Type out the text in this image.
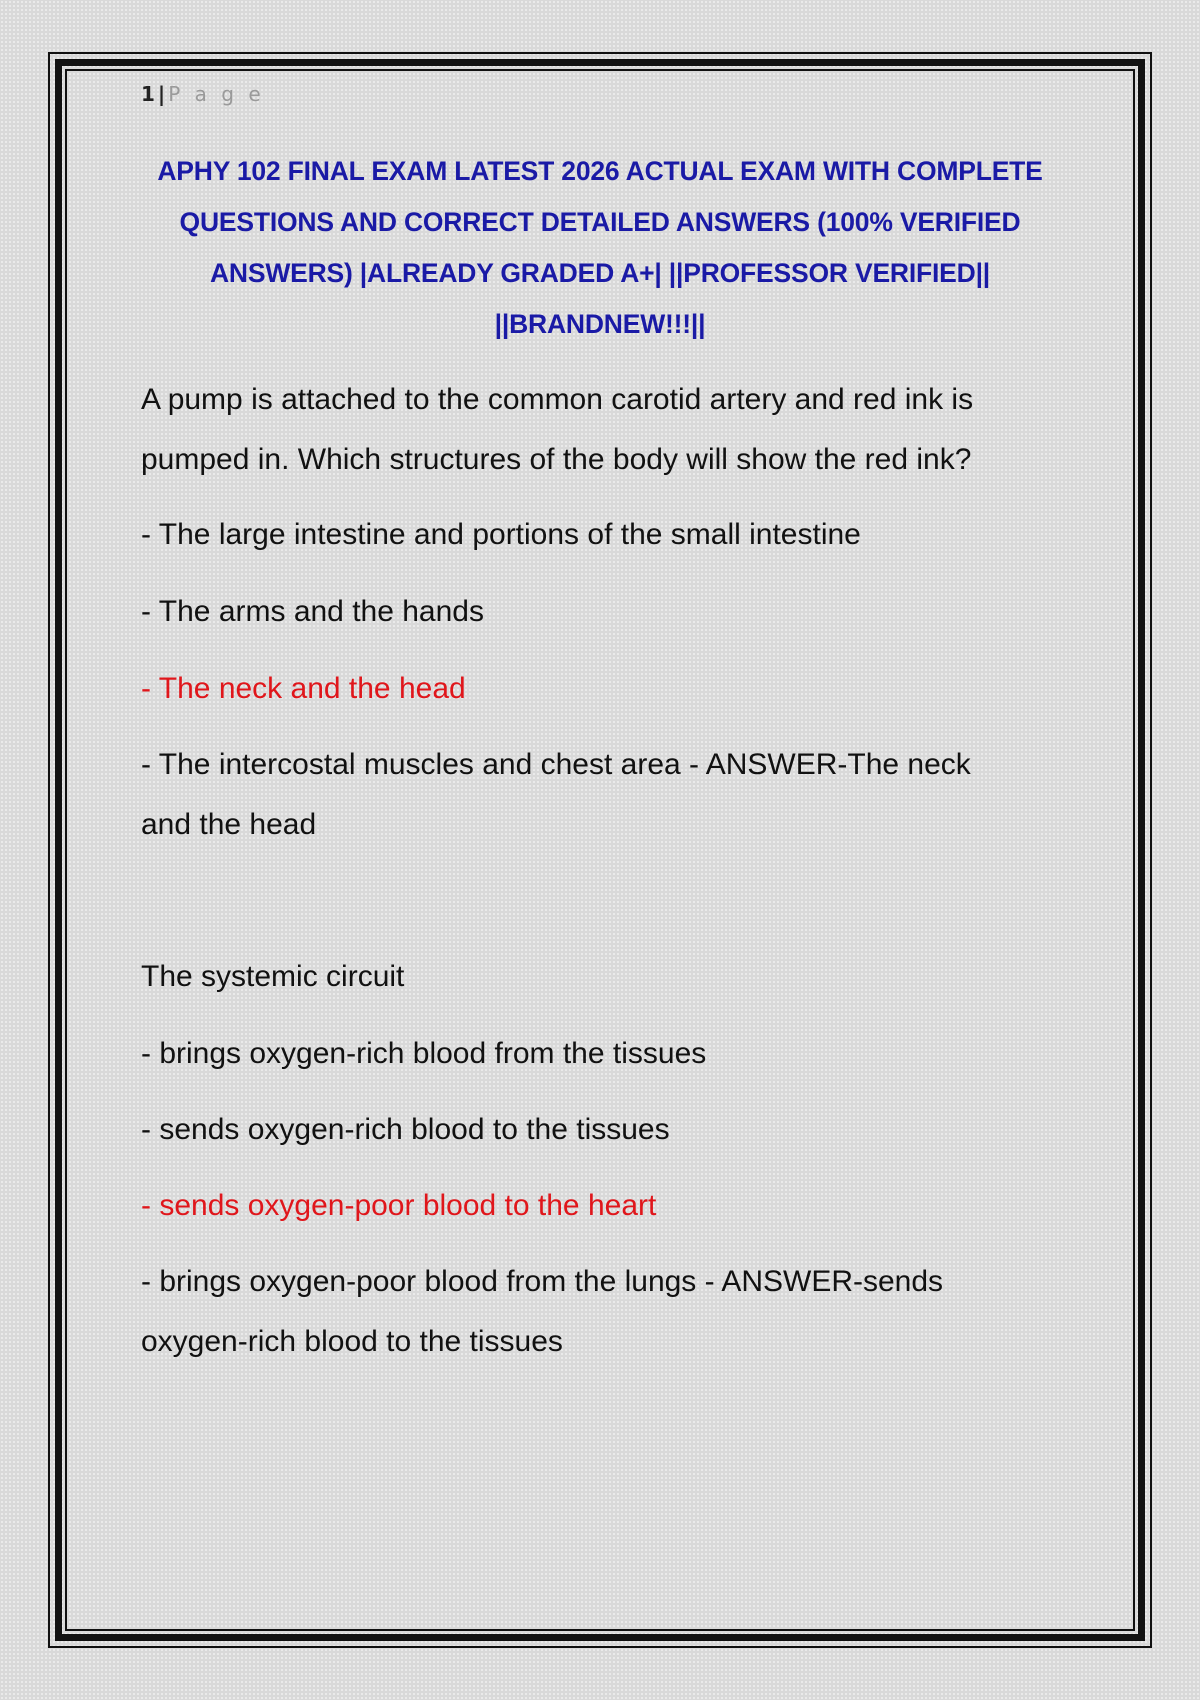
1 | P a g e
APHY 102 FINAL EXAM LATEST 2026 ACTUAL EXAM WITH COMPLETE QUESTIONS AND CORRECT DETAILED ANSWERS (100% VERIFIED ANSWERS) |ALREADY GRADED A+| ||PROFESSOR VERIFIED|| ||BRANDNEW!!!||
A pump is attached to the common carotid artery and red ink is
pumped in. Which structures of the body will show the red ink?
- The large intestine and portions of the small intestine
- The arms and the hands
- The neck and the head
- The intercostal muscles and chest area - ANSWER-The neck
and the head
The systemic circuit
- brings oxygen-rich blood from the tissues
- sends oxygen-rich blood to the tissues
- sends oxygen-poor blood to the heart
- brings oxygen-poor blood from the lungs - ANSWER-sends
oxygen-rich blood to the tissues
